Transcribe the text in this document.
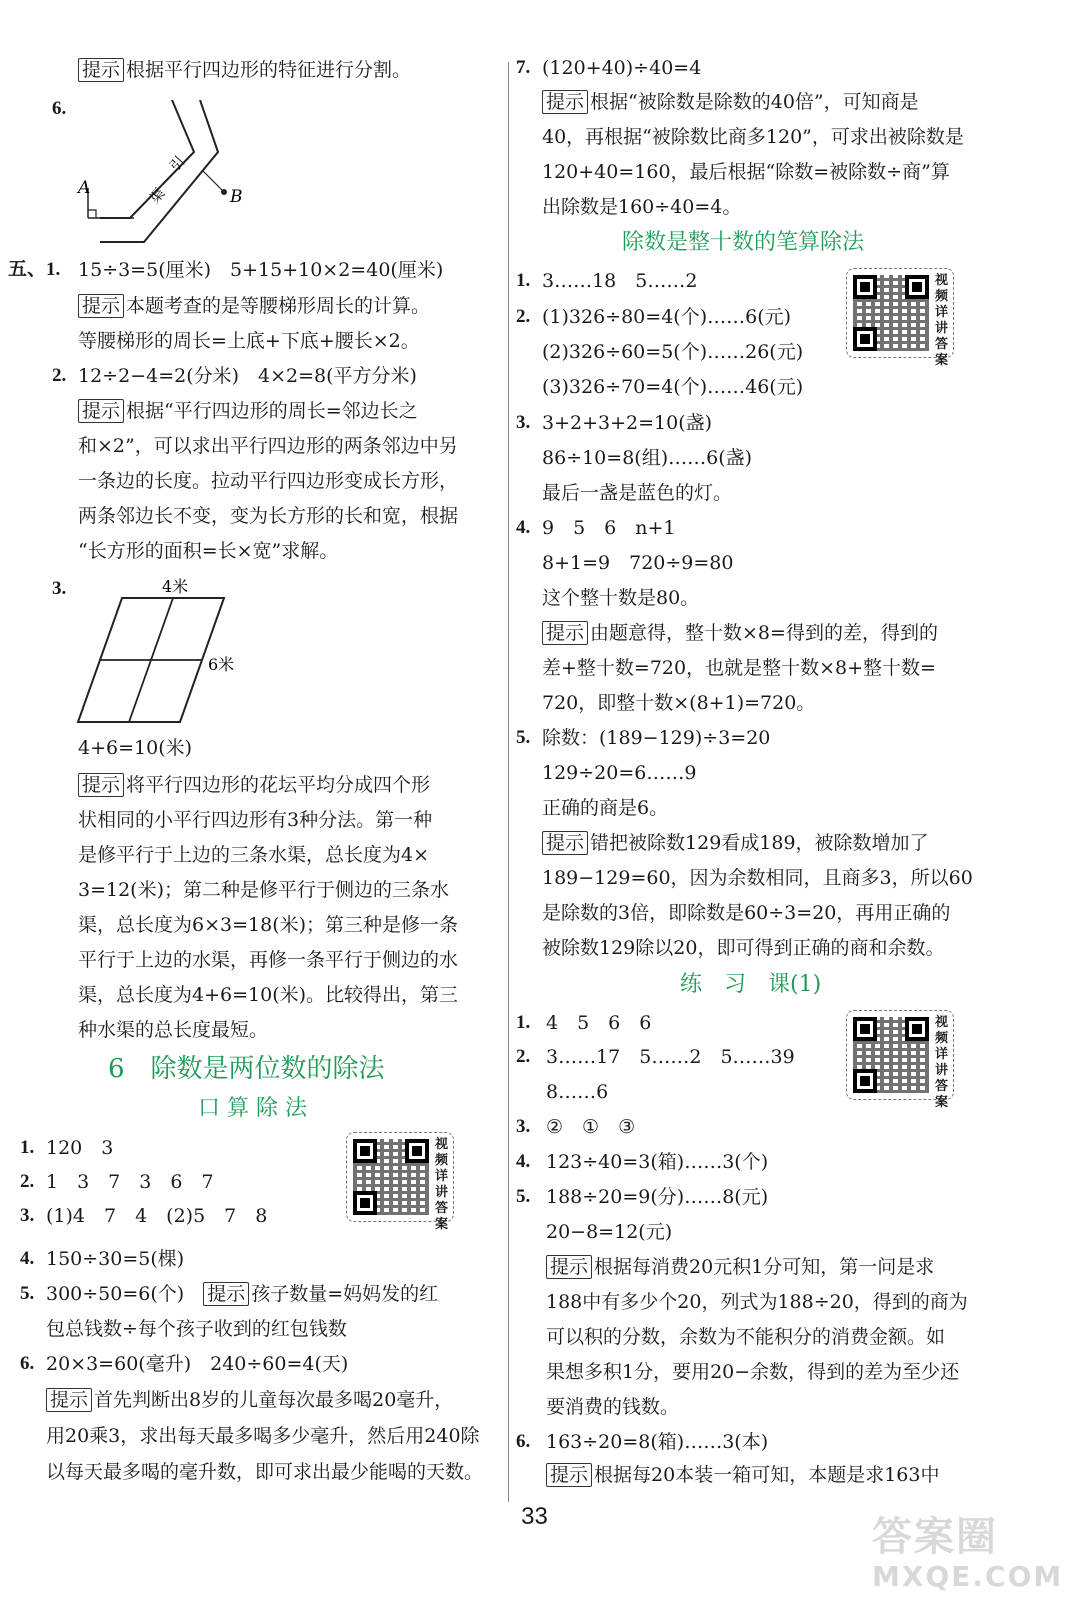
提示 根据平行四边形的特征进行分割。
6.
A	B
引
渠
五、1. 15÷3=5(厘米)　5+15+10×2=40(厘米)
提示 本题考查的是等腰梯形周长的计算。
等腰梯形的周长=上底+下底+腰长×2。
2. 12÷2−4=2(分米)　4×2=8(平方分米)
提示 根据“平行四边形的周长=邻边长之
和×2”，可以求出平行四边形的两条邻边中另
一条边的长度。拉动平行四边形变成长方形，
两条邻边长不变，变为长方形的长和宽，根据
“长方形的面积=长×宽”求解。
3.	4米
6米
4+6=10(米)
提示 将平行四边形的花坛平均分成四个形
状相同的小平行四边形有3种分法。第一种
是修平行于上边的三条水渠，总长度为4×
3=12(米)；第二种是修平行于侧边的三条水
渠，总长度为6×3=18(米)；第三种是修一条
平行于上边的水渠，再修一条平行于侧边的水
渠，总长度为4+6=10(米)。比较得出，第三
种水渠的总长度最短。
6　除数是两位数的除法
口 算 除 法
视频详讲答案
1. 120　3
2. 1　3　7　3　6　7
3. (1)4　7　4　(2)5　7　8
4. 150÷30=5(棵)
5. 300÷50=6(个)　 提示 孩子数量=妈妈发的红
包总钱数÷每个孩子收到的红包钱数
6. 20×3=60(毫升)　240÷60=4(天)
提示 首先判断出8岁的儿童每次最多喝20毫升，
用20乘3，求出每天最多喝多少毫升，然后用240除
以每天最多喝的毫升数，即可求出最少能喝的天数。
7. (120+40)÷40=4
提示 根据“被除数是除数的40倍”，可知商是
40，再根据“被除数比商多120”，可求出被除数是
120+40=160，最后根据“除数=被除数÷商”算
出除数是160÷40=4。
除数是整十数的笔算除法
视频详讲答案
1. 3……18　5……2
2. (1)326÷80=4(个)……6(元)
(2)326÷60=5(个)……26(元)
(3)326÷70=4(个)……46(元)
3. 3+2+3+2=10(盏)
86÷10=8(组)……6(盏)
最后一盏是蓝色的灯。
4. 9　5　6　n+1
8+1=9　720÷9=80
这个整十数是80。
提示 由题意得，整十数×8=得到的差，得到的
差+整十数=720，也就是整十数×8+整十数=
720，即整十数×(8+1)=720。
5. 除数：(189−129)÷3=20
129÷20=6……9
正确的商是6。
提示 错把被除数129看成189，被除数增加了
189−129=60，因为余数相同，且商多3，所以60
是除数的3倍，即除数是60÷3=20，再用正确的
被除数129除以20，即可得到正确的商和余数。
练　习　课(1)
视频详讲答案
1. 4　5　6　6
2. 3……17　5……2　5……39
8……6
3. ②　①　③
4. 123÷40=3(箱)……3(个)
5. 188÷20=9(分)……8(元)
20−8=12(元)
提示 根据每消费20元积1分可知，第一问是求
188中有多少个20，列式为188÷20，得到的商为
可以积的分数，余数为不能积分的消费金额。如
果想多积1分，要用20−余数，得到的差为至少还
要消费的钱数。
6. 163÷20=8(箱)……3(本)
提示 根据每20本装一箱可知，本题是求163中
33	答案圈
MXQE.COM
